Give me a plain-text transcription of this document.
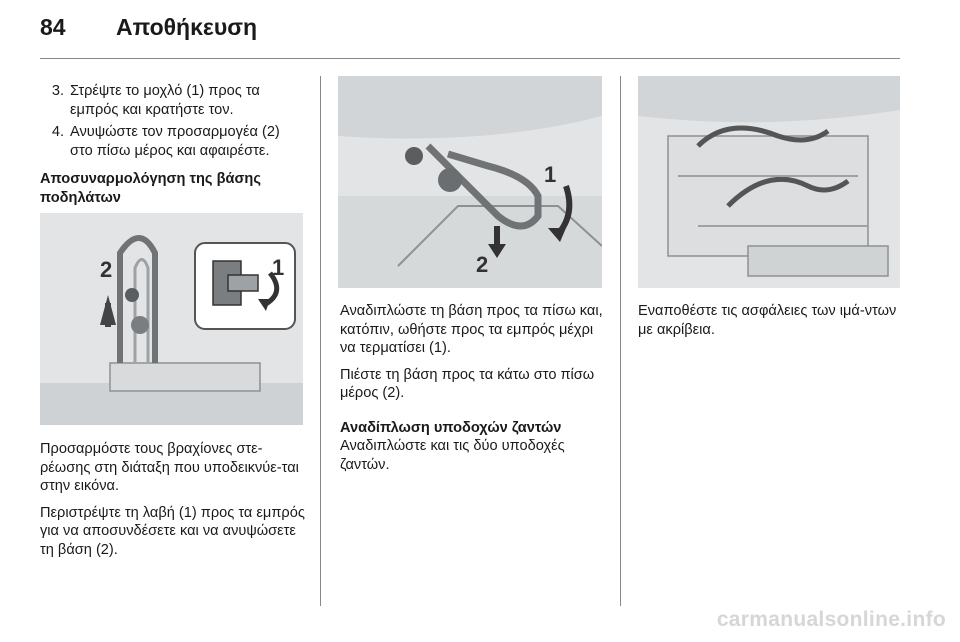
84 Αποθήκευση
3. Στρέψτε το μοχλό (1) προς τα εμπρός και κρατήστε τον.
4. Ανυψώστε τον προσαρμογέα (2) στο πίσω μέρος και αφαιρέστε.
Αποσυναρμολόγηση της βάσης ποδηλάτων
2	1

Προσαρμόστε τους βραχίονες στε-ρέωσης στη διάταξη που υποδεικνύε-ται στην εικόνα.

Περιστρέψτε τη λαβή (1) προς τα εμπρός για να αποσυνδέσετε και να ανυψώσετε τη βάση (2).

1
2

Αναδιπλώστε τη βάση προς τα πίσω και, κατόπιν, ωθήστε προς τα εμπρός μέχρι να τερματίσει (1).

Πιέστε τη βάση προς τα κάτω στο πίσω μέρος (2).

Αναδίπλωση υποδοχών ζαντών

Αναδιπλώστε και τις δύο υποδοχές ζαντών.

Εναποθέστε τις ασφάλειες των ιμά-ντων με ακρίβεια.

carmanualsonline.info
